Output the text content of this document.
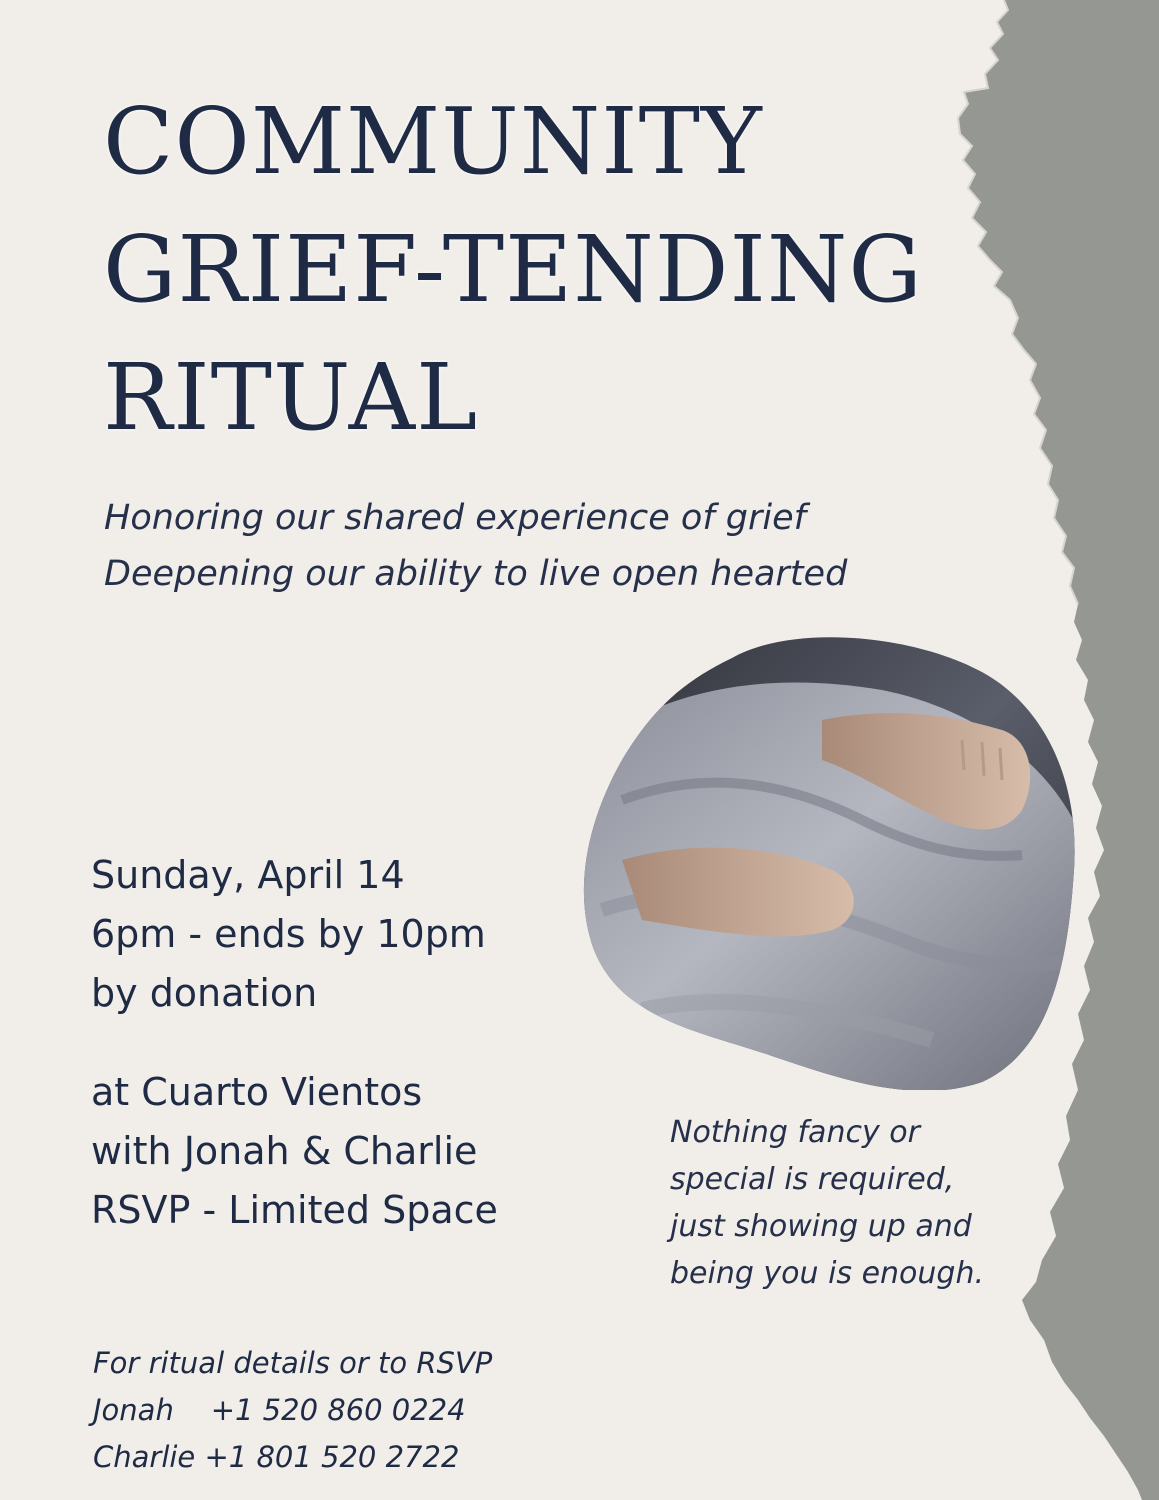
COMMUNITY
GRIEF-TENDING
RITUAL
Honoring our shared experience of grief
Deepening our ability to live open hearted
Sunday, April 14
6pm - ends by 10pm
by donation
at Cuarto Vientos
with Jonah & Charlie
RSVP - Limited Space
Nothing fancy or
special is required,
just showing up and
being you is enough.
For ritual details or to RSVP
Jonah    +1 520 860 0224
Charlie +1 801 520 2722
